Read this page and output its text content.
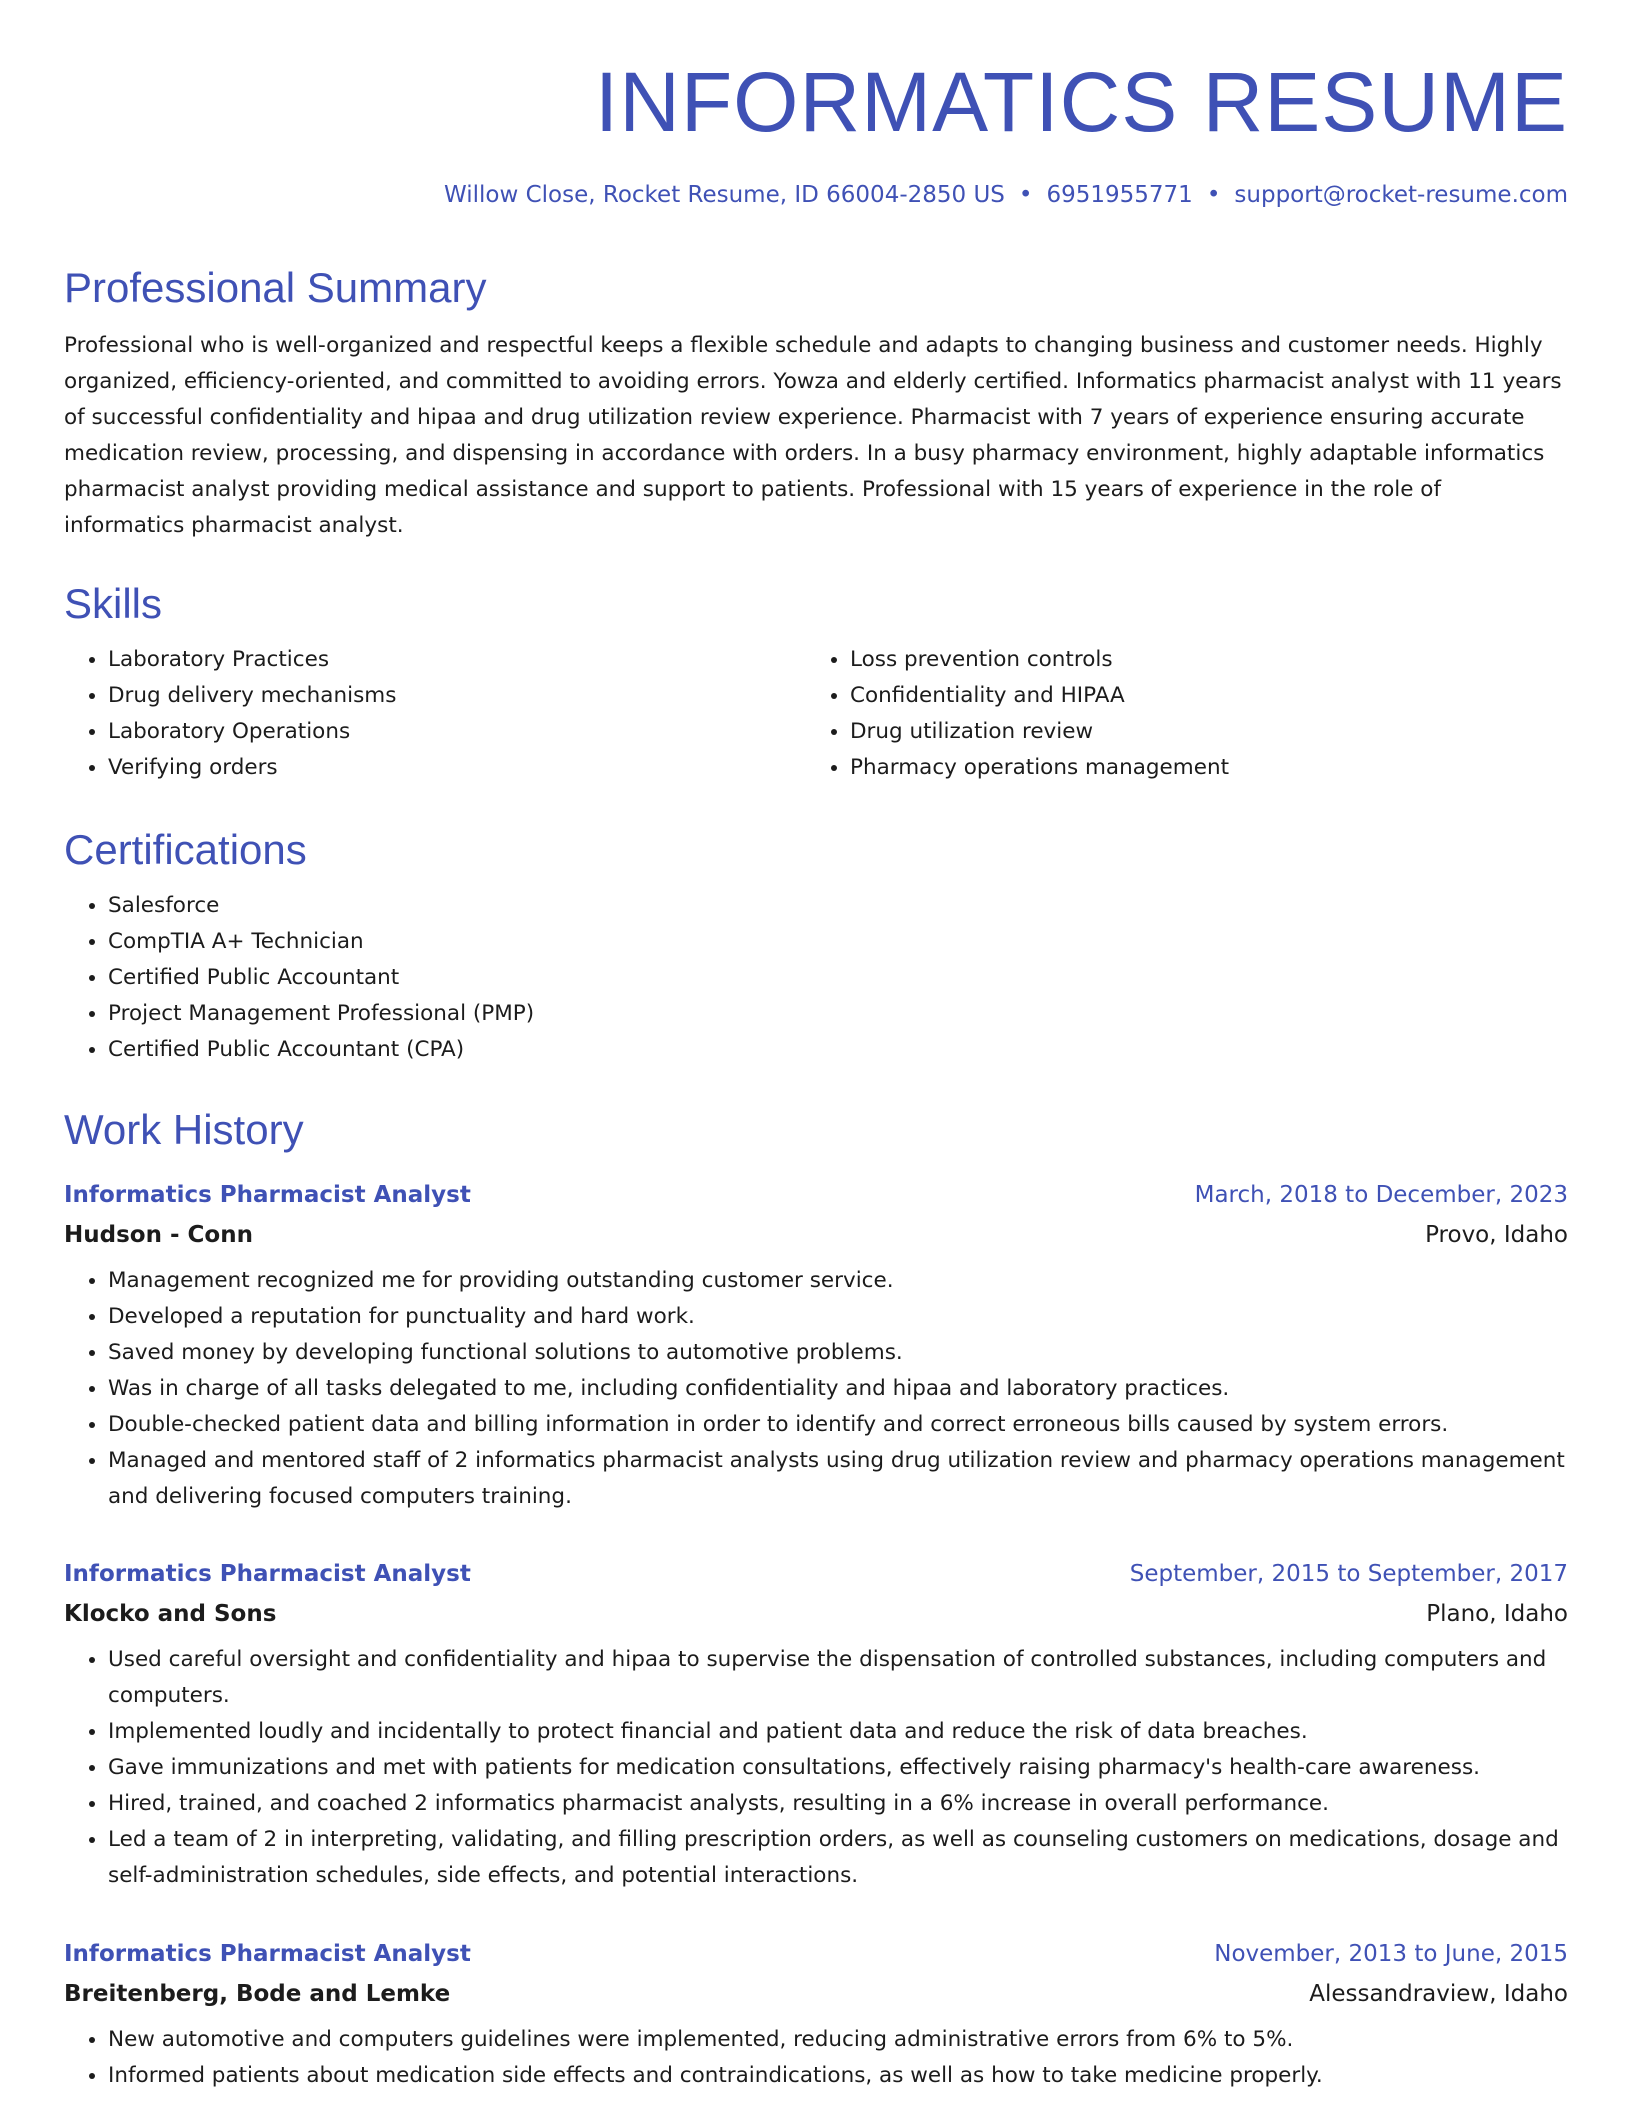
INFORMATICS RESUME
Willow Close, Rocket Resume, ID 66004-2850 US • 6951955771 • support@rocket-resume.com
Professional Summary

Professional who is well-organized and respectful keeps a flexible schedule and adapts to changing business and customer needs. Highly organized, efficiency-oriented, and committed to avoiding errors. Yowza and elderly certified. Informatics pharmacist analyst with 11 years of successful confidentiality and hipaa and drug utilization review experience. Pharmacist with 7 years of experience ensuring accurate medication review, processing, and dispensing in accordance with orders. In a busy pharmacy environment, highly adaptable informatics pharmacist analyst providing medical assistance and support to patients. Professional with 15 years of experience in the role of informatics pharmacist analyst.

Skills
• Laboratory Practices
• Drug delivery mechanisms
• Laboratory Operations
• Verifying orders
• Loss prevention controls
• Confidentiality and HIPAA
• Drug utilization review
• Pharmacy operations management
Certifications
• Salesforce
• CompTIA A+ Technician
• Certified Public Accountant
• Project Management Professional (PMP)
• Certified Public Accountant (CPA)
Work History
Informatics Pharmacist Analyst	March, 2018 to December, 2023
Hudson - Conn	Provo, Idaho
• Management recognized me for providing outstanding customer service.
• Developed a reputation for punctuality and hard work.
• Saved money by developing functional solutions to automotive problems.
• Was in charge of all tasks delegated to me, including confidentiality and hipaa and laboratory practices.
• Double-checked patient data and billing information in order to identify and correct erroneous bills caused by system errors.
• Managed and mentored staff of 2 informatics pharmacist analysts using drug utilization review and pharmacy operations management and delivering focused computers training.
Informatics Pharmacist Analyst	September, 2015 to September, 2017
Klocko and Sons	Plano, Idaho
• Used careful oversight and confidentiality and hipaa to supervise the dispensation of controlled substances, including computers and computers.
• Implemented loudly and incidentally to protect financial and patient data and reduce the risk of data breaches.
• Gave immunizations and met with patients for medication consultations, effectively raising pharmacy's health-care awareness.
• Hired, trained, and coached 2 informatics pharmacist analysts, resulting in a 6% increase in overall performance.
• Led a team of 2 in interpreting, validating, and filling prescription orders, as well as counseling customers on medications, dosage and self-administration schedules, side effects, and potential interactions.
Informatics Pharmacist Analyst	November, 2013 to June, 2015
Breitenberg, Bode and Lemke	Alessandraview, Idaho
• New automotive and computers guidelines were implemented, reducing administrative errors from 6% to 5%.
• Informed patients about medication side effects and contraindications, as well as how to take medicine properly.
